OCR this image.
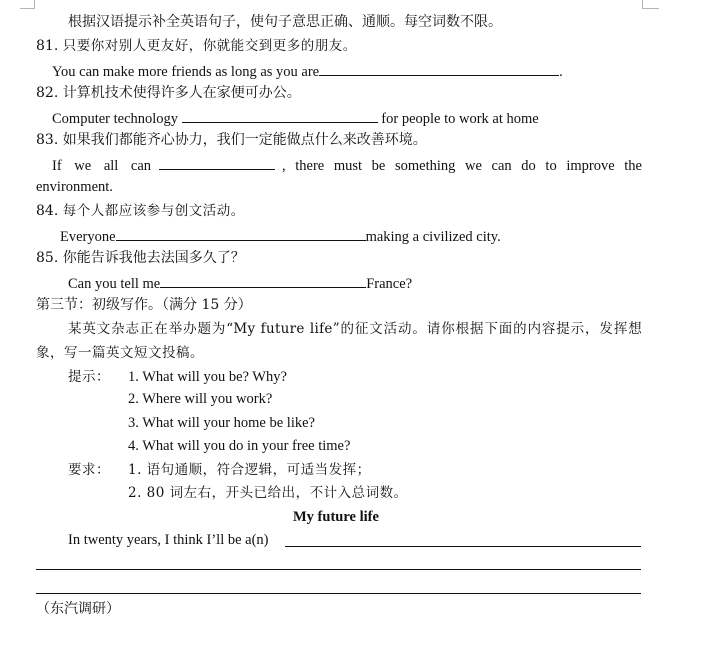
根据汉语提示补全英语句子，使句子意思正确、通顺。每空词数不限。
81. 只要你对别人更友好，你就能交到更多的朋友。
You can make more friends as long as you are	.
82. 计算机技术使得许多人在家便可办公。
Computer technology	for people to work at home
83. 如果我们都能齐心协力，我们一定能做点什么来改善环境。
If we all can	, there must be something we can do to improve the
environment.
84. 每个人都应该参与创文活动。
Everyone	making a civilized city.
85. 你能告诉我他去法国多久了？
Can you tell me	France?
第三节：初级写作。（满分 15 分）
某英文杂志正在举办题为“My future life”的征文活动。请你根据下面的内容提示，发挥想
象，写一篇英文短文投稿。
提示： 1. What will you be? Why?
2. Where will you work?
3. What will your home be like?
4. What will you do in your free time?
要求： 1. 语句通顺，符合逻辑，可适当发挥；
2. 80 词左右，开头已给出，不计入总词数。
My future life
In twenty years, I think I’ll be a(n)
（东汽调研）
